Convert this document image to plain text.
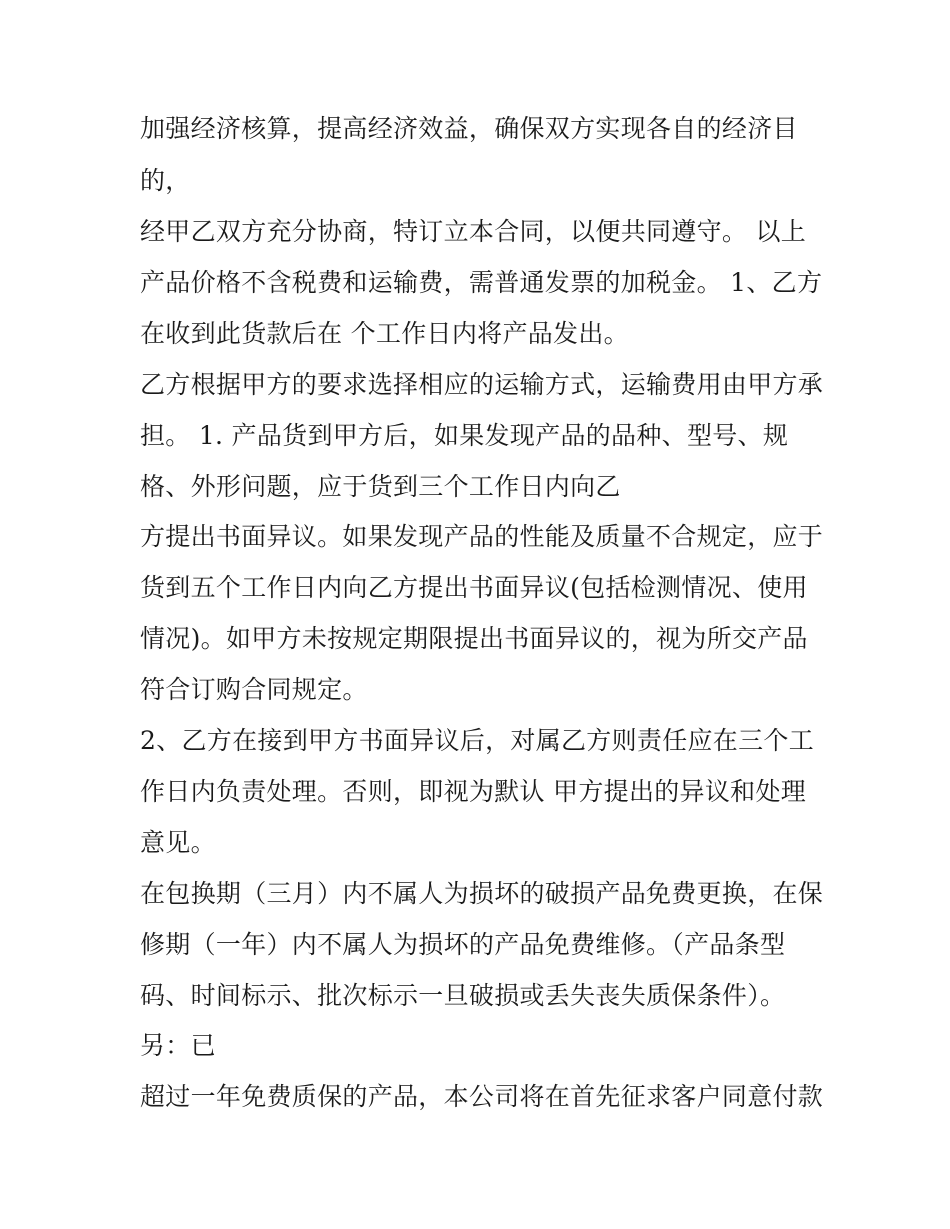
加强经济核算，提高经济效益，确保双方实现各自的经济目
的，
经甲乙双方充分协商，特订立本合同，以便共同遵守。 以上
产品价格不含税费和运输费，需普通发票的加税金。 1、乙方
在收到此货款后在 个工作日内将产品发出。
乙方根据甲方的要求选择相应的运输方式，运输费用由甲方承
担。 1. 产品货到甲方后，如果发现产品的品种、型号、规
格、外形问题，应于货到三个工作日内向乙
方提出书面异议。如果发现产品的性能及质量不合规定，应于
货到五个工作日内向乙方提出书面异议(包括检测情况、使用
情况)。如甲方未按规定期限提出书面异议的，视为所交产品
符合订购合同规定。
2、乙方在接到甲方书面异议后，对属乙方则责任应在三个工
作日内负责处理。否则，即视为默认 甲方提出的异议和处理
意见。
在包换期（三月）内不属人为损坏的破损产品免费更换，在保
修期（一年）内不属人为损坏的产品免费维修。（产品条型
码、时间标示、批次标示一旦破损或丢失丧失质保条件）。
另：已
超过一年免费质保的产品，本公司将在首先征求客户同意付款
